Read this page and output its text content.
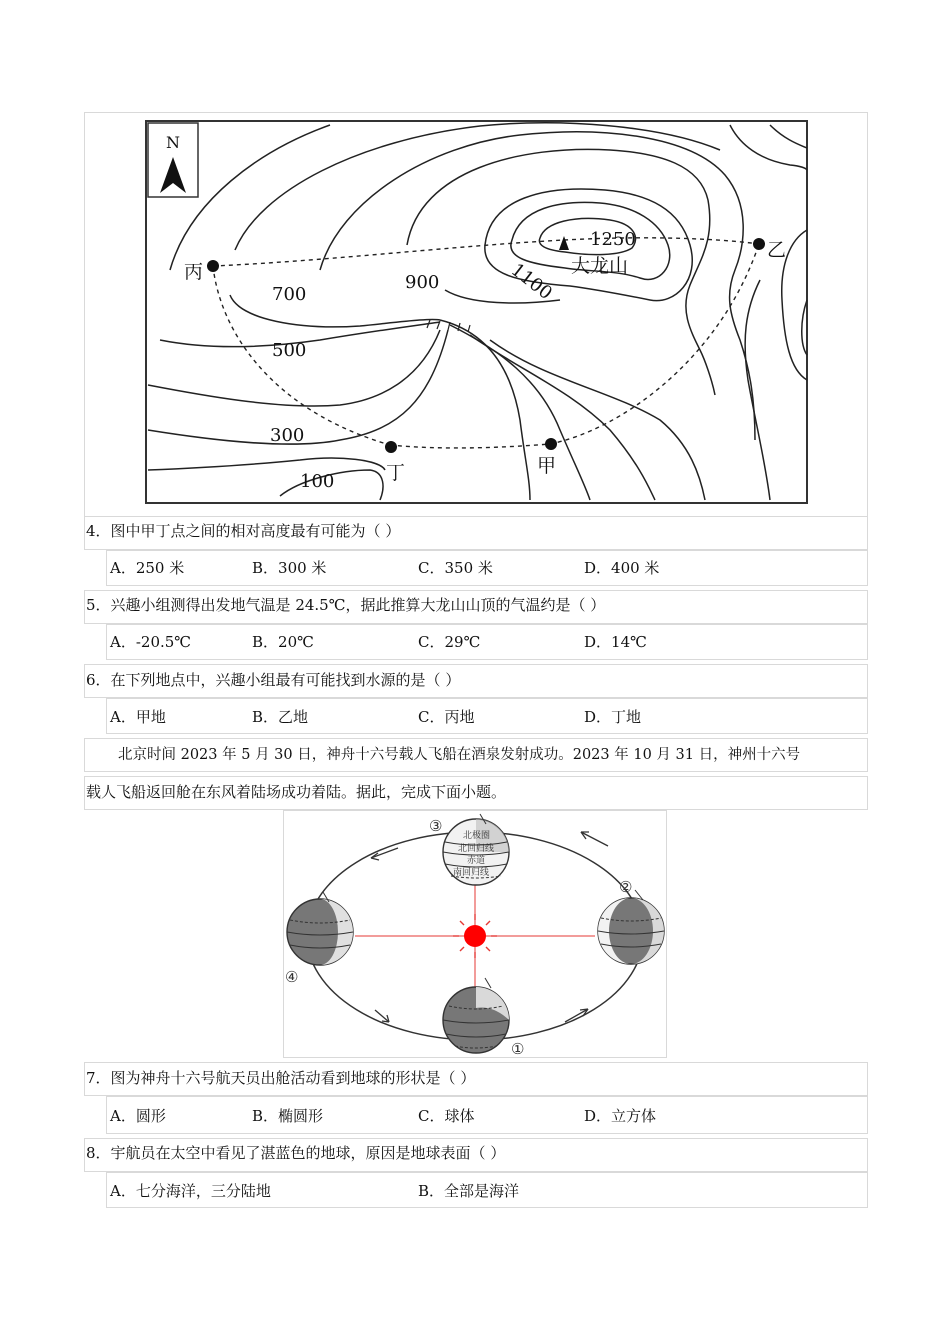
N
1250
1100
900
700
500
300
100
大龙山
丙
乙
丁	甲
4．图中甲丁点之间的相对高度最有可能为（ ）
A．250 米	B．300 米	C．350 米	D．400 米
5．兴趣小组测得出发地气温是 24.5℃，据此推算大龙山山顶的气温约是（ ）
A．-20.5℃	B．20℃	C．29℃	D．14℃
6．在下列地点中，兴趣小组最有可能找到水源的是（ ）
A．甲地	B．乙地	C．丙地	D．丁地
北京时间 2023 年 5 月 30 日，神舟十六号载人飞船在酒泉发射成功。2023 年 10 月 31 日，神州十六号
载人飞船返回舱在东风着陆场成功着陆。据此，完成下面小题。
北极圈
北回归线
赤道
南回归线
③
②
④
①
7．图为神舟十六号航天员出舱活动看到地球的形状是（ ）
A．圆形	B．椭圆形	C．球体	D．立方体
8．宇航员在太空中看见了湛蓝色的地球，原因是地球表面（ ）
A．七分海洋，三分陆地	B．全部是海洋
